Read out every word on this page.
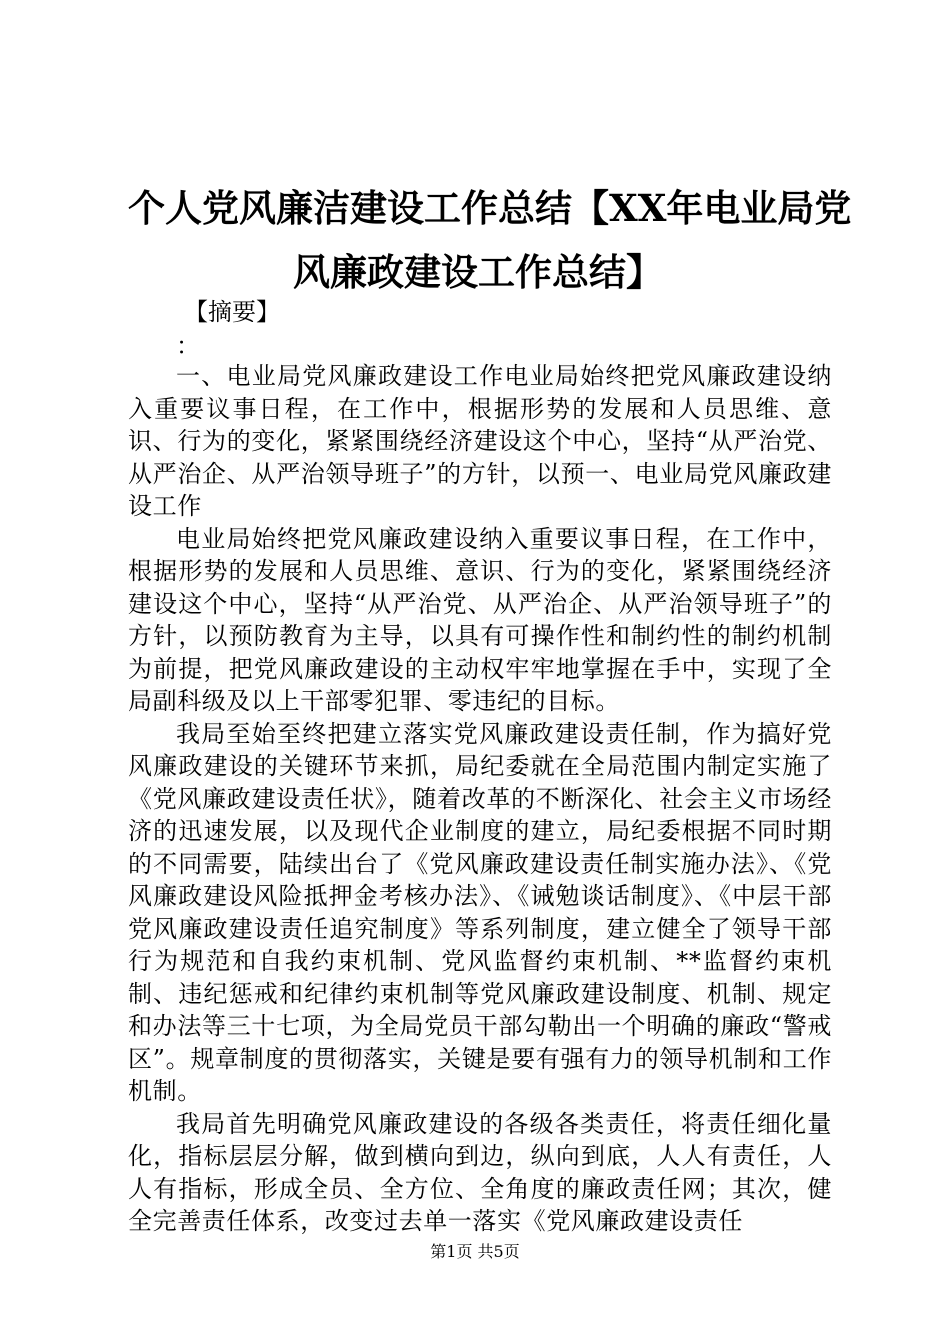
个人党风廉洁建设工作总结【XX年电业局党
风廉政建设工作总结】
【摘要】
：

一、电业局党风廉政建设工作电业局始终把党风廉政建设纳入重要议事日程，在工作中，根据形势的发展和人员思维、意识、行为的变化，紧紧围绕经济建设这个中心，坚持“从严治党、从严治企、从严治领导班子”的方针，以预一、电业局党风廉政建设工作

电业局始终把党风廉政建设纳入重要议事日程，在工作中，根据形势的发展和人员思维、意识、行为的变化，紧紧围绕经济建设这个中心，坚持“从严治党、从严治企、从严治领导班子”的方针，以预防教育为主导，以具有可操作性和制约性的制约机制为前提，把党风廉政建设的主动权牢牢地掌握在手中，实现了全局副科级及以上干部零犯罪、零违纪的目标。

我局至始至终把建立落实党风廉政建设责任制，作为搞好党风廉政建设的关键环节来抓，局纪委就在全局范围内制定实施了《党风廉政建设责任状》，随着改革的不断深化、社会主义市场经济的迅速发展，以及现代企业制度的建立，局纪委根据不同时期的不同需要，陆续出台了《党风廉政建设责任制实施办法》、《党风廉政建设风险抵押金考核办法》、《诫勉谈话制度》、《中层干部党风廉政建设责任追究制度》等系列制度，建立健全了领导干部行为规范和自我约束机制、党风监督约束机制、**监督约束机制、违纪惩戒和纪律约束机制等党风廉政建设制度、机制、规定和办法等三十七项，为全局党员干部勾勒出一个明确的廉政“警戒区”。规章制度的贯彻落实，关键是要有强有力的领导机制和工作机制。

我局首先明确党风廉政建设的各级各类责任，将责任细化量化，指标层层分解，做到横向到边，纵向到底，人人有责任，人人有指标，形成全员、全方位、全角度的廉政责任网；其次，健全完善责任体系，改变过去单一落实《党风廉政建设责任

第1页 共5页
